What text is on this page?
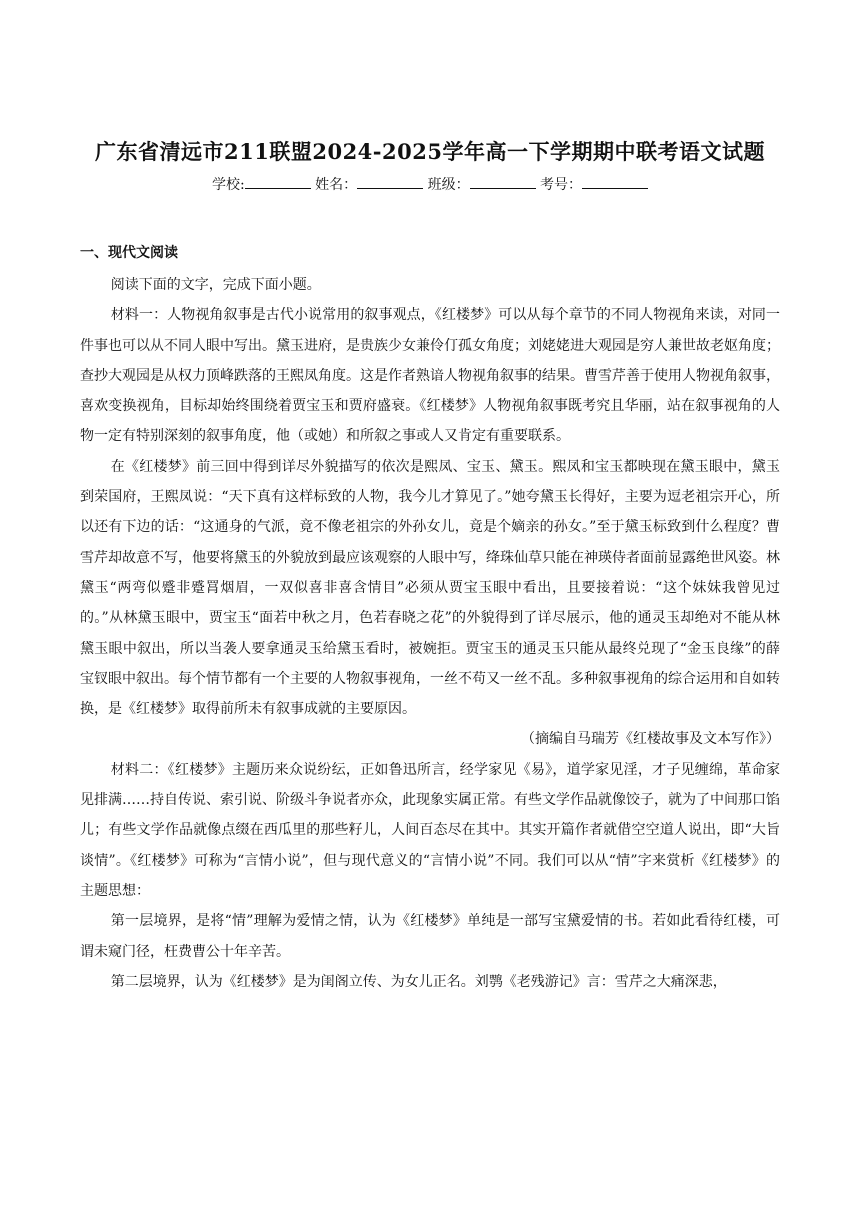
广东省清远市211联盟2024-2025学年高一下学期期中联考语文试题
学校:	姓名：	班级：	考号：
一、现代文阅读

阅读下面的文字，完成下面小题。

材料一：人物视角叙事是古代小说常用的叙事观点，《红楼梦》可以从每个章节的不同人物视角来读，对同一件事也可以从不同人眼中写出。黛玉进府，是贵族少女兼伶仃孤女角度；刘姥姥进大观园是穷人兼世故老妪角度；查抄大观园是从权力顶峰跌落的王熙凤角度。这是作者熟谙人物视角叙事的结果。曹雪芹善于使用人物视角叙事，喜欢变换视角，目标却始终围绕着贾宝玉和贾府盛衰。《红楼梦》人物视角叙事既考究且华丽，站在叙事视角的人物一定有特别深刻的叙事角度，他（或她）和所叙之事或人又肯定有重要联系。

在《红楼梦》前三回中得到详尽外貌描写的依次是熙凤、宝玉、黛玉。熙凤和宝玉都映现在黛玉眼中，黛玉到荣国府，王熙凤说：“天下真有这样标致的人物，我今儿才算见了。”她夸黛玉长得好，主要为逗老祖宗开心，所以还有下边的话：“这通身的气派，竟不像老祖宗的外孙女儿，竟是个嫡亲的孙女。”至于黛玉标致到什么程度？曹雪芹却故意不写，他要将黛玉的外貌放到最应该观察的人眼中写，绛珠仙草只能在神瑛侍者面前显露绝世风姿。林黛玉“两弯似蹙非蹙罥烟眉，一双似喜非喜含情目”必须从贾宝玉眼中看出，且要接着说：“这个妹妹我曾见过的。”从林黛玉眼中，贾宝玉“面若中秋之月，色若春晓之花”的外貌得到了详尽展示，他的通灵玉却绝对不能从林黛玉眼中叙出，所以当袭人要拿通灵玉给黛玉看时，被婉拒。贾宝玉的通灵玉只能从最终兑现了“金玉良缘”的薛宝钗眼中叙出。每个情节都有一个主要的人物叙事视角，一丝不苟又一丝不乱。多种叙事视角的综合运用和自如转换，是《红楼梦》取得前所未有叙事成就的主要原因。

（摘编自马瑞芳《红楼故事及文本写作》）

材料二：《红楼梦》主题历来众说纷纭，正如鲁迅所言，经学家见《易》，道学家见淫，才子见缠绵，革命家见排满……持自传说、索引说、阶级斗争说者亦众，此现象实属正常。有些文学作品就像饺子，就为了中间那口馅儿；有些文学作品就像点缀在西瓜里的那些籽儿，人间百态尽在其中。其实开篇作者就借空空道人说出，即“大旨谈情”。《红楼梦》可称为“言情小说”，但与现代意义的“言情小说”不同。我们可以从“情”字来赏析《红楼梦》的主题思想：

第一层境界，是将“情”理解为爱情之情，认为《红楼梦》单纯是一部写宝黛爱情的书。若如此看待红楼，可谓未窥门径，枉费曹公十年辛苦。

第二层境界，认为《红楼梦》是为闺阁立传、为女儿正名。刘鹗《老残游记》言：雪芹之大痛深悲，
